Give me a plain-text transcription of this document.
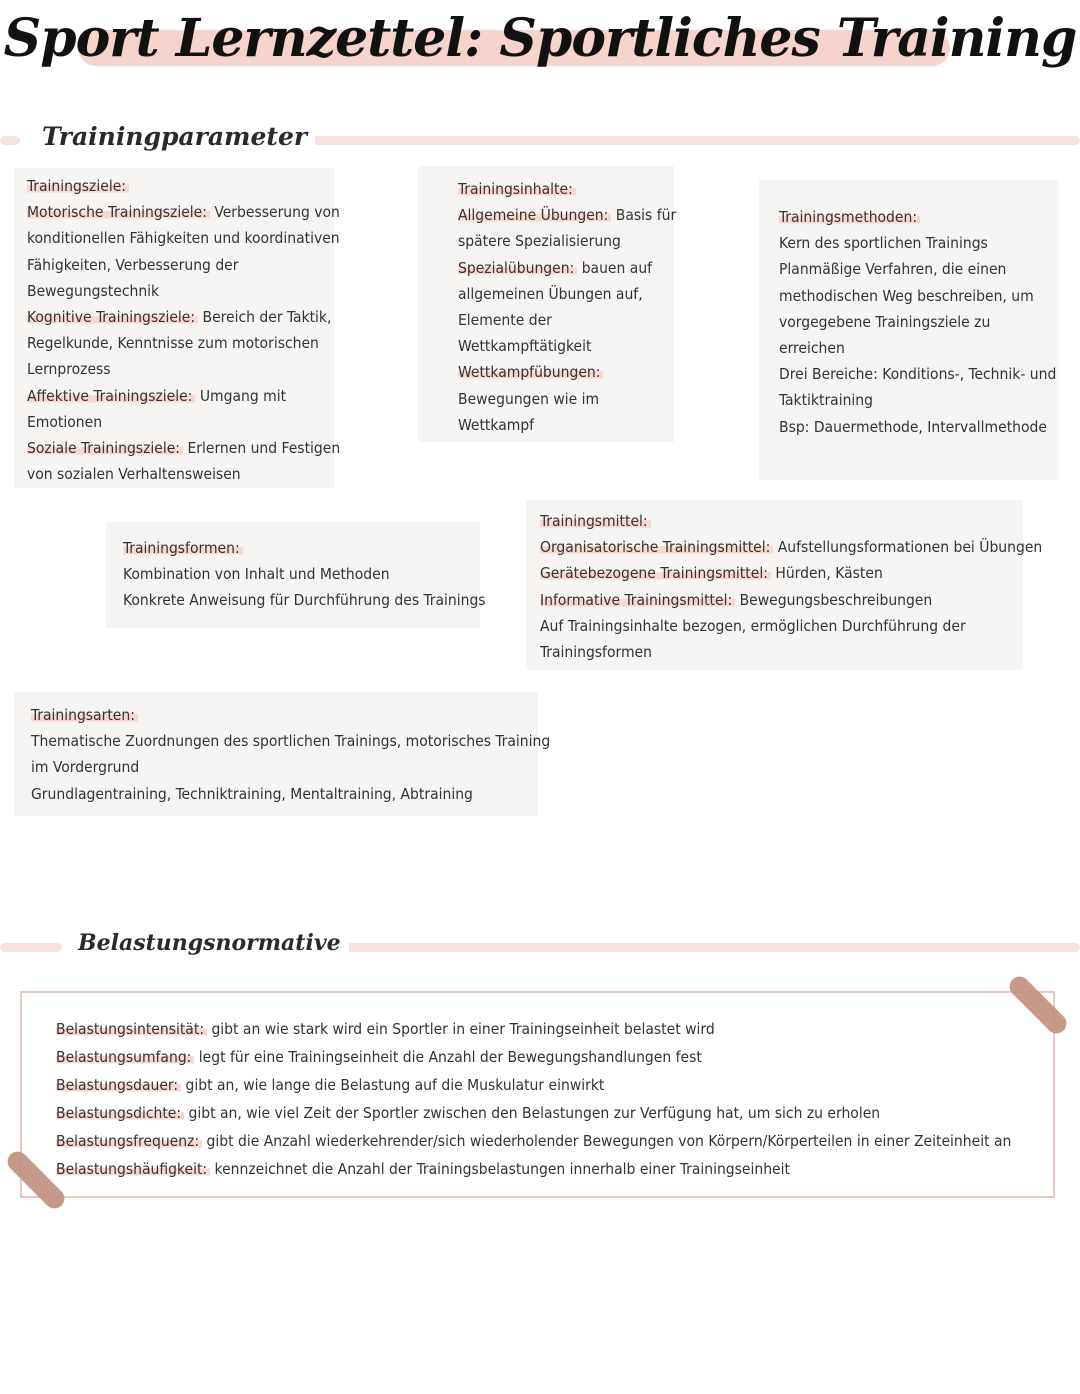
Sport Lernzettel: Sportliches Training
Trainingparameter
Trainingsziele:
Motorische Trainingsziele: Verbesserung von
konditionellen Fähigkeiten und koordinativen
Fähigkeiten, Verbesserung der
Bewegungstechnik
Kognitive Trainingsziele: Bereich der Taktik,
Regelkunde, Kenntnisse zum motorischen
Lernprozess
Affektive Trainingsziele: Umgang mit
Emotionen
Soziale Trainingsziele: Erlernen und Festigen
von sozialen Verhaltensweisen
Trainingsinhalte:
Allgemeine Übungen: Basis für
spätere Spezialisierung
Spezialübungen: bauen auf
allgemeinen Übungen auf,
Elemente der
Wettkampftätigkeit
Wettkampfübungen:
Bewegungen wie im
Wettkampf
Trainingsmethoden:
Kern des sportlichen Trainings
Planmäßige Verfahren, die einen
methodischen Weg beschreiben, um
vorgegebene Trainingsziele zu
erreichen
Drei Bereiche: Konditions-, Technik- und
Taktiktraining
Bsp: Dauermethode, Intervallmethode
Trainingsformen:
Kombination von Inhalt und Methoden
Konkrete Anweisung für Durchführung des Trainings
Trainingsmittel:
Organisatorische Trainingsmittel: Aufstellungsformationen bei Übungen
Gerätebezogene Trainingsmittel: Hürden, Kästen
Informative Trainingsmittel: Bewegungsbeschreibungen
Auf Trainingsinhalte bezogen, ermöglichen Durchführung der
Trainingsformen
Trainingsarten:
Thematische Zuordnungen des sportlichen Trainings, motorisches Training
im Vordergrund
Grundlagentraining, Techniktraining, Mentaltraining, Abtraining
Belastungsnormative
Belastungsintensität: gibt an wie stark wird ein Sportler in einer Trainingseinheit belastet wird
Belastungsumfang: legt für eine Trainingseinheit die Anzahl der Bewegungshandlungen fest
Belastungsdauer: gibt an, wie lange die Belastung auf die Muskulatur einwirkt
Belastungsdichte: gibt an, wie viel Zeit der Sportler zwischen den Belastungen zur Verfügung hat, um sich zu erholen
Belastungsfrequenz: gibt die Anzahl wiederkehrender/sich wiederholender Bewegungen von Körpern/Körperteilen in einer Zeiteinheit an
Belastungshäufigkeit: kennzeichnet die Anzahl der Trainingsbelastungen innerhalb einer Trainingseinheit
